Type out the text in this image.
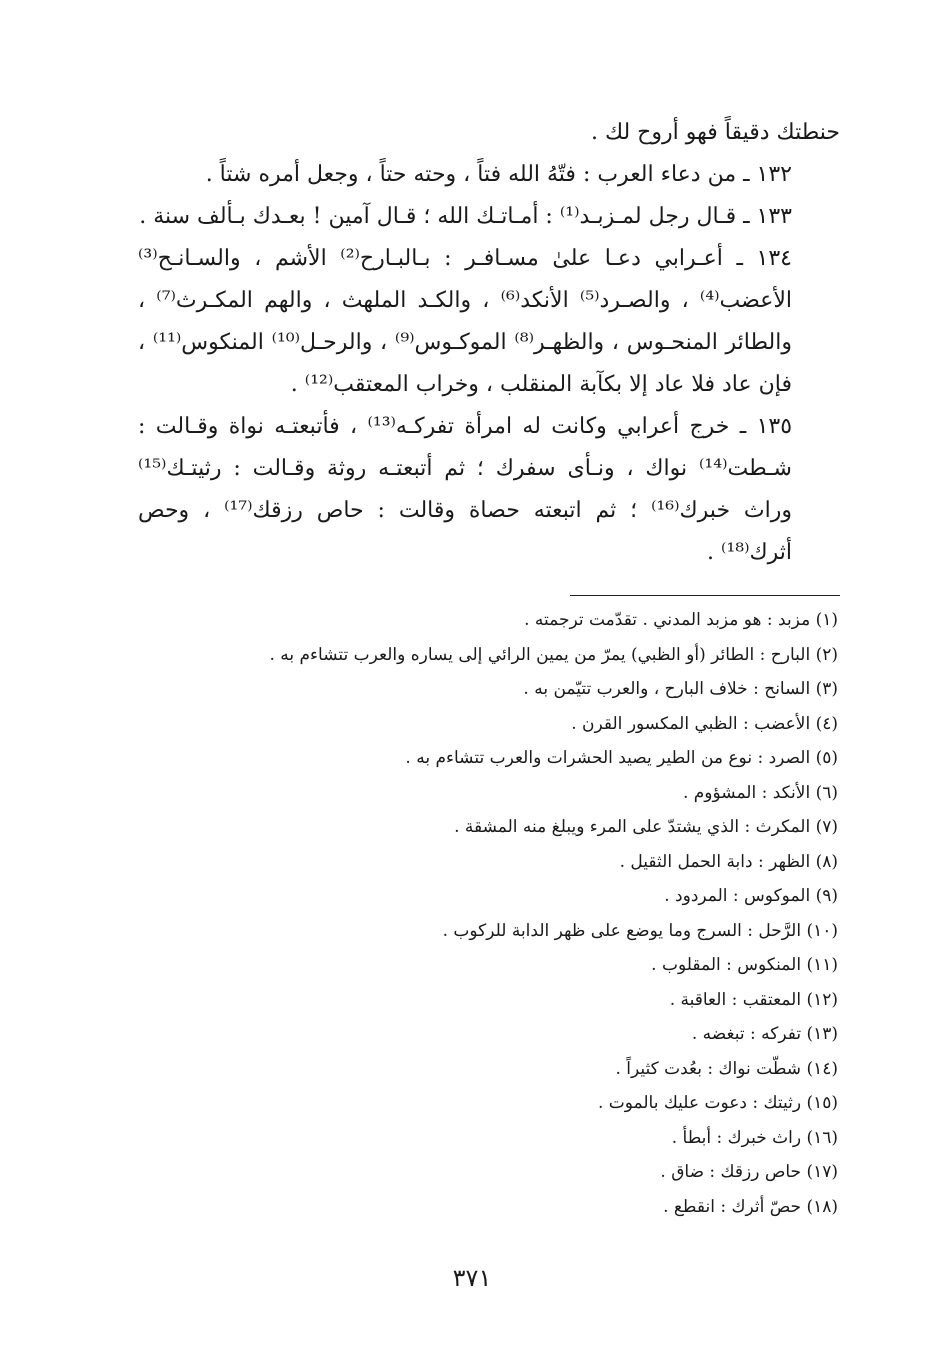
حنطتك دقيقاً فهو أروح لك .

١٣٢ ـ من دعاء العرب : فتّهُ الله فتاً ، وحته حتاً ، وجعل أمره شتاً .

١٣٣ ـ قـال رجل لمـزبـد⁽¹⁾ : أمـاتـك الله ؛ قـال آمين ! بعـدك بـألف سنة .

١٣٤ ـ أعـرابي دعـا علىٰ مسـافـر : بـالبـارح⁽²⁾ الأشم ، والسـانـح⁽³⁾ الأعضب⁽⁴⁾ ، والصـرد⁽⁵⁾ الأنكد⁽⁶⁾ ، والكـد الملهث ، والهم المكـرث⁽⁷⁾ ، والطائر المنحـوس ، والظهـر⁽⁸⁾ الموكـوس⁽⁹⁾ ، والرحـل⁽¹⁰⁾ المنكوس⁽¹¹⁾ ، فإن عاد فلا عاد إلا بكآبة المنقلب ، وخراب المعتقب⁽¹²⁾ .

١٣٥ ـ خرج أعرابي وكانت له امرأة تفركـه⁽¹³⁾ ، فأتبعتـه نواة وقـالت : شـطت⁽¹⁴⁾ نواك ، ونـأى سفرك ؛ ثم أتبعتـه روثة وقـالت : رثيتـك⁽¹⁵⁾ وراث خبرك⁽¹⁶⁾ ؛ ثم اتبعته حصاة وقالت : حاص رزقك⁽¹⁷⁾ ، وحص أثرك⁽¹⁸⁾ .

(١) مزبد : هو مزبد المدني . تقدّمت ترجمته .
(٢) البارح : الطائر (أو الظبي) يمرّ من يمين الرائي إلى يساره والعرب تتشاءم به .
(٣) السانح : خلاف البارح ، والعرب تتيّمن به .
(٤) الأعضب : الظبي المكسور القرن .
(٥) الصرد : نوع من الطير يصيد الحشرات والعرب تتشاءم به .
(٦) الأنكد : المشؤوم .
(٧) المكرث : الذي يشتدّ على المرء ويبلغ منه المشقة .
(٨) الظهر : دابة الحمل الثقيل .
(٩) الموكوس : المردود .
(١٠) الرَّحل : السرج وما يوضع على ظهر الدابة للركوب .
(١١) المنكوس : المقلوب .
(١٢) المعتقب : العاقبة .
(١٣) تفركه : تبغضه .
(١٤) شطّت نواك : بعُدت كثيراً .
(١٥) رثيتك : دعوت عليك بالموت .
(١٦) راث خبرك : أبطأ .
(١٧) حاص رزقك : ضاق .
(١٨) حصّ أثرك : انقطع .
٣٧١
